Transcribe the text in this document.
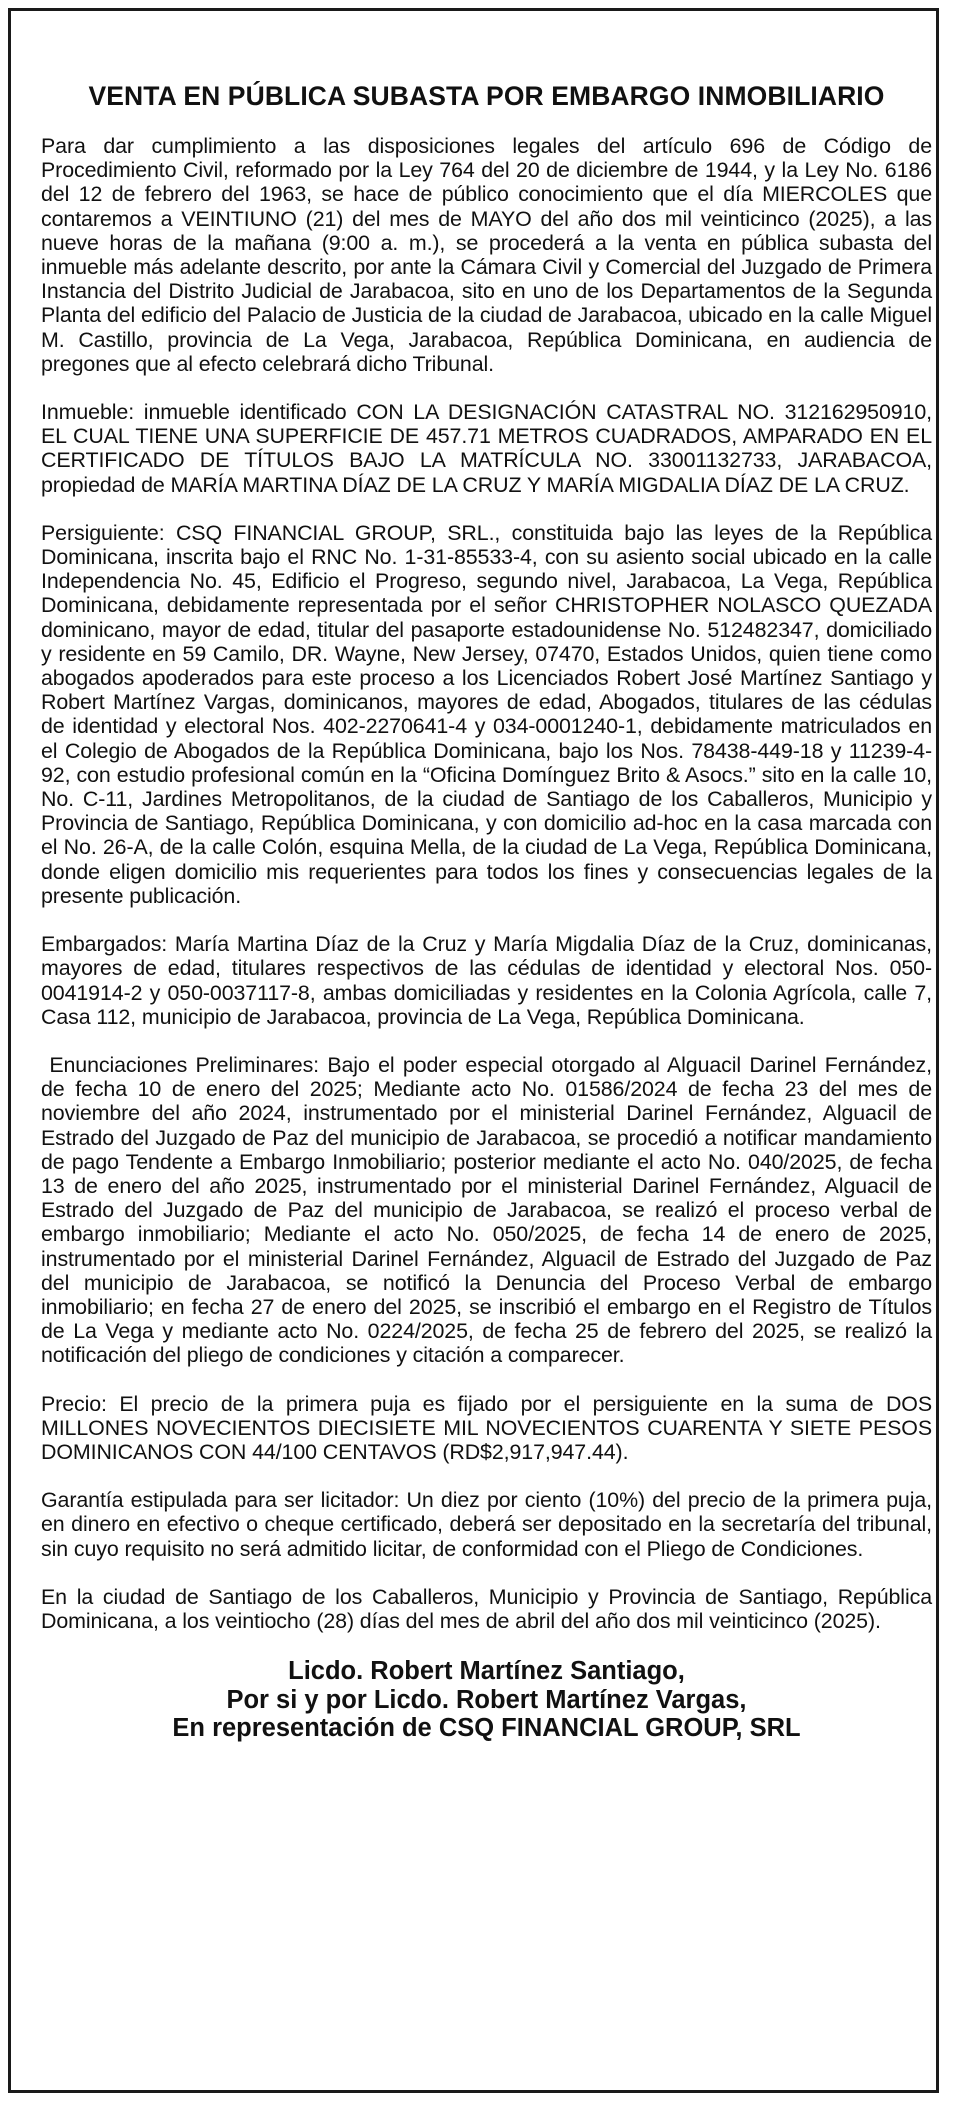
VENTA EN PÚBLICA SUBASTA POR EMBARGO INMOBILIARIO

Para dar cumplimiento a las disposiciones legales del artículo 696 de Código de Procedimiento Civil, reformado por la Ley 764 del 20 de diciembre de 1944, y la Ley No. 6186 del 12 de febrero del 1963, se hace de público conocimiento que el día MIERCOLES que contaremos a VEINTIUNO (21) del mes de MAYO del año dos mil veinticinco (2025), a las nueve horas de la mañana (9:00 a. m.), se procederá a la venta en pública subasta del inmueble más adelante descrito, por ante la Cámara Civil y Comercial del Juzgado de Primera Instancia del Distrito Judicial de Jarabacoa, sito en uno de los Departamentos de la Segunda Planta del edificio del Palacio de Justicia de la ciudad de Jarabacoa, ubicado en la calle Miguel M. Castillo, provincia de La Vega, Jarabacoa, República Dominicana, en audiencia de pregones que al efecto celebrará dicho Tribunal.

Inmueble: inmueble identificado CON LA DESIGNACIÓN CATASTRAL NO. 312162950910, EL CUAL TIENE UNA SUPERFICIE DE 457.71 METROS CUADRADOS, AMPARADO EN EL CERTIFICADO DE TÍTULOS BAJO LA MATRÍCULA NO. 33001132733, JARABACOA, propiedad de MARÍA MARTINA DÍAZ DE LA CRUZ Y MARÍA MIGDALIA DÍAZ DE LA CRUZ.

Persiguiente: CSQ FINANCIAL GROUP, SRL., constituida bajo las leyes de la República Dominicana, inscrita bajo el RNC No. 1-31-85533-4, con su asiento social ubicado en la calle Independencia No. 45, Edificio el Progreso, segundo nivel, Jarabacoa, La Vega, República Dominicana, debidamente representada por el señor CHRISTOPHER NOLASCO QUEZADA dominicano, mayor de edad, titular del pasaporte estadounidense No. 512482347, domiciliado y residente en 59 Camilo, DR. Wayne, New Jersey, 07470, Estados Unidos, quien tiene como abogados apoderados para este proceso a los Licenciados Robert José Martínez Santiago y Robert Martínez Vargas, dominicanos, mayores de edad, Abogados, titulares de las cédulas de identidad y electoral Nos. 402-2270641-4 y 034-0001240-1, debidamente matriculados en el Colegio de Abogados de la República Dominicana, bajo los Nos. 78438-449-18 y 11239-4-92, con estudio profesional común en la “Oficina Domínguez Brito & Asocs.” sito en la calle 10, No. C-11, Jardines Metropolitanos, de la ciudad de Santiago de los Caballeros, Municipio y Provincia de Santiago, República Dominicana, y con domicilio ad-hoc en la casa marcada con el No. 26-A, de la calle Colón, esquina Mella, de la ciudad de La Vega, República Dominicana, donde eligen domicilio mis requerientes para todos los fines y consecuencias legales de la presente publicación.

Embargados: María Martina Díaz de la Cruz y María Migdalia Díaz de la Cruz, dominicanas, mayores de edad, titulares respectivos de las cédulas de identidad y electoral Nos. 050-0041914-2 y 050-0037117-8, ambas domiciliadas y residentes en la Colonia Agrícola, calle 7, Casa 112, municipio de Jarabacoa, provincia de La Vega, República Dominicana.

Enunciaciones Preliminares: Bajo el poder especial otorgado al Alguacil Darinel Fernández, de fecha 10 de enero del 2025; Mediante acto No. 01586/2024 de fecha 23 del mes de noviembre del año 2024, instrumentado por el ministerial Darinel Fernández, Alguacil de Estrado del Juzgado de Paz del municipio de Jarabacoa, se procedió a notificar mandamiento de pago Tendente a Embargo Inmobiliario; posterior mediante el acto No. 040/2025, de fecha 13 de enero del año 2025, instrumentado por el ministerial Darinel Fernández, Alguacil de Estrado del Juzgado de Paz del municipio de Jarabacoa, se realizó el proceso verbal de embargo inmobiliario; Mediante el acto No. 050/2025, de fecha 14 de enero de 2025, instrumentado por el ministerial Darinel Fernández, Alguacil de Estrado del Juzgado de Paz del municipio de Jarabacoa, se notificó la Denuncia del Proceso Verbal de embargo inmobiliario; en fecha 27 de enero del 2025, se inscribió el embargo en el Registro de Títulos de La Vega y mediante acto No. 0224/2025, de fecha 25 de febrero del 2025, se realizó la notificación del pliego de condiciones y citación a comparecer.

Precio: El precio de la primera puja es fijado por el persiguiente en la suma de DOS MILLONES NOVECIENTOS DIECISIETE MIL NOVECIENTOS CUARENTA Y SIETE PESOS DOMINICANOS CON 44/100 CENTAVOS (RD$2,917,947.44).

Garantía estipulada para ser licitador: Un diez por ciento (10%) del precio de la primera puja, en dinero en efectivo o cheque certificado, deberá ser depositado en la secretaría del tribunal, sin cuyo requisito no será admitido licitar, de conformidad con el Pliego de Condiciones.

En la ciudad de Santiago de los Caballeros, Municipio y Provincia de Santiago, República Dominicana, a los veintiocho (28) días del mes de abril del año dos mil veinticinco (2025).

Licdo. Robert Martínez Santiago,
Por si y por Licdo. Robert Martínez Vargas,
En representación de CSQ FINANCIAL GROUP, SRL
